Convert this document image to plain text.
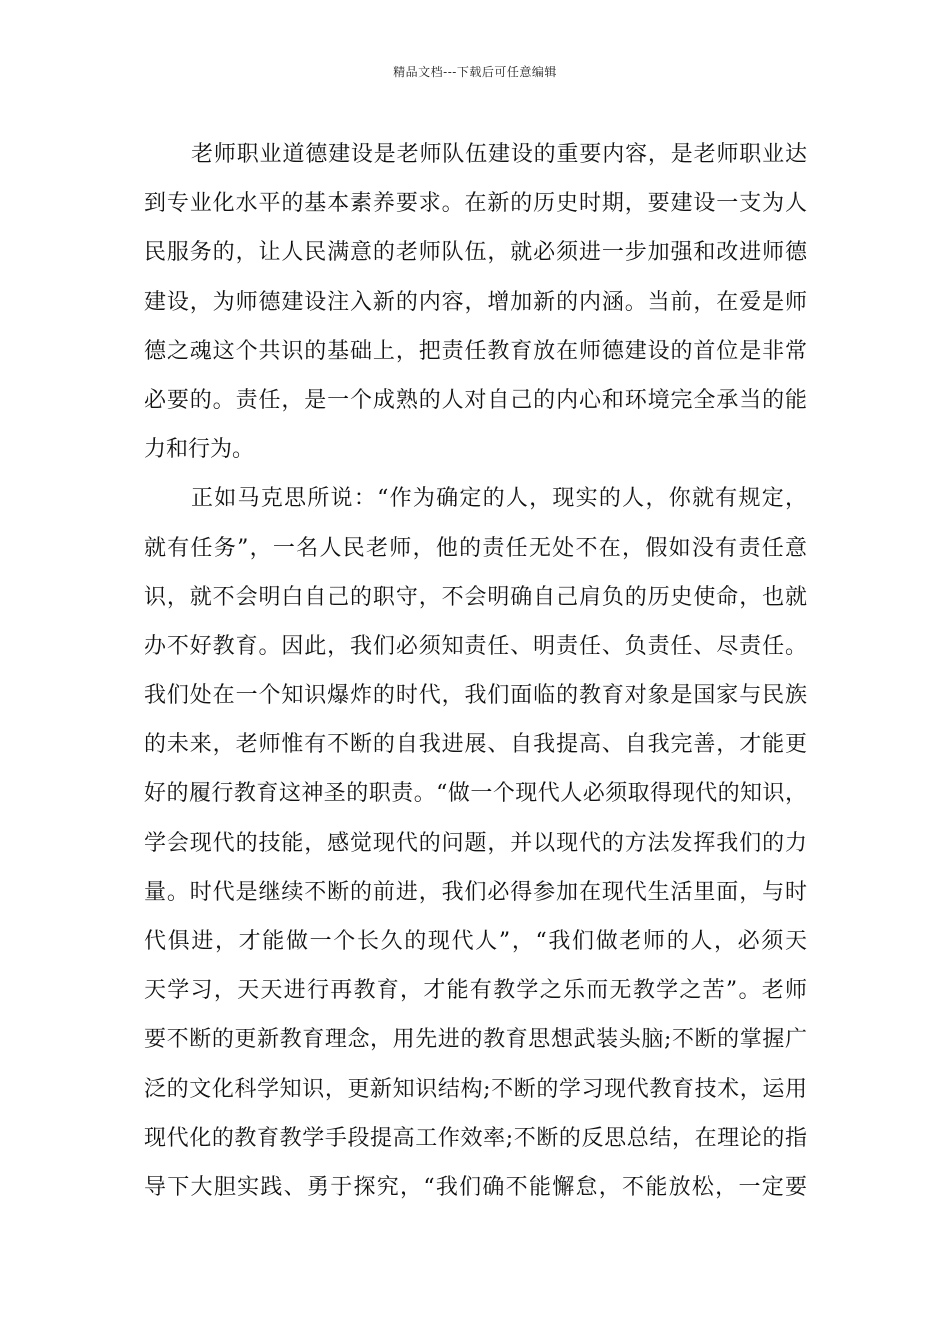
精品文档---下载后可任意编辑
老师职业道德建设是老师队伍建设的重要内容，是老师职业达
到专业化水平的基本素养要求。在新的历史时期，要建设一支为人
民服务的，让人民满意的老师队伍，就必须进一步加强和改进师德
建设，为师德建设注入新的内容，增加新的内涵。当前，在爱是师
德之魂这个共识的基础上，把责任教育放在师德建设的首位是非常
必要的。责任，是一个成熟的人对自己的内心和环境完全承当的能
力和行为。
正如马克思所说：“作为确定的人，现实的人，你就有规定，
就有任务”，一名人民老师，他的责任无处不在，假如没有责任意
识，就不会明白自己的职守，不会明确自己肩负的历史使命，也就
办不好教育。因此，我们必须知责任、明责任、负责任、尽责任。
我们处在一个知识爆炸的时代，我们面临的教育对象是国家与民族
的未来，老师惟有不断的自我进展、自我提高、自我完善，才能更
好的履行教育这神圣的职责。“做一个现代人必须取得现代的知识，
学会现代的技能，感觉现代的问题，并以现代的方法发挥我们的力
量。时代是继续不断的前进，我们必得参加在现代生活里面，与时
代俱进，才能做一个长久的现代人”，“我们做老师的人，必须天
天学习，天天进行再教育，才能有教学之乐而无教学之苦”。老师
要不断的更新教育理念，用先进的教育思想武装头脑;不断的掌握广
泛的文化科学知识，更新知识结构;不断的学习现代教育技术，运用
现代化的教育教学手段提高工作效率;不断的反思总结，在理论的指
导下大胆实践、勇于探究，“我们确不能懈怠，不能放松，一定要
